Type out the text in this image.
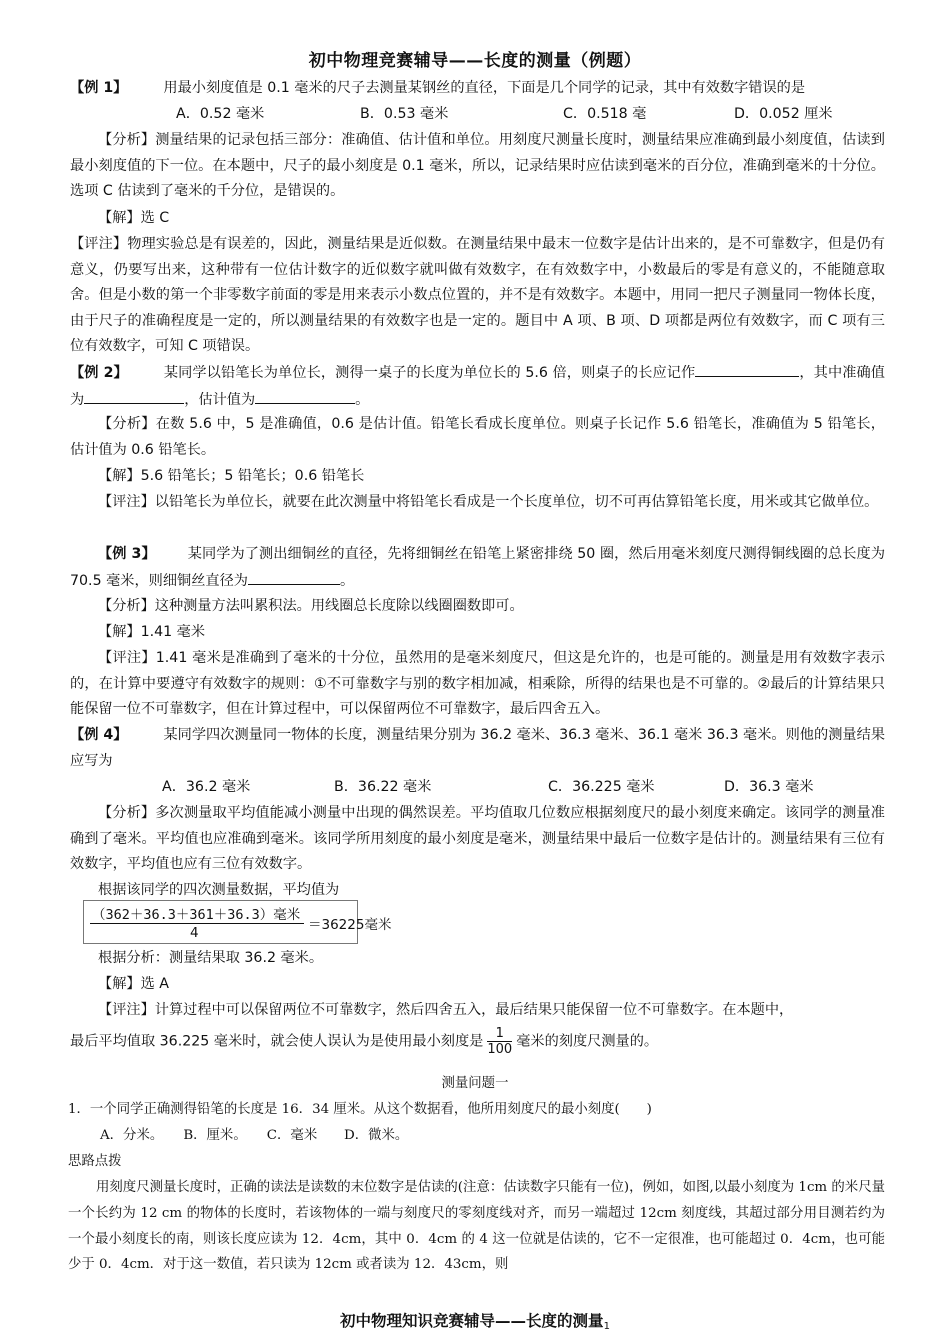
初中物理竞赛辅导——长度的测量（例题）
【例 1】	用最小刻度值是 0.1 毫米的尺子去测量某钢丝的直径，下面是几个同学的记录，其中有效数字错误的是
A．0.52 毫米	B．0.53 毫米	C．0.518 毫	D．0.052 厘米
【分析】测量结果的记录包括三部分：准确值、估计值和单位。用刻度尺测量长度时，测量结果应准确到最小刻度值，估读到最小刻度值的下一位。在本题中，尺子的最小刻度是 0.1 毫米，所以，记录结果时应估读到毫米的百分位，准确到毫米的十分位。选项 C 估读到了毫米的千分位，是错误的。
【解】选 C
【评注】物理实验总是有误差的，因此，测量结果是近似数。在测量结果中最末一位数字是估计出来的，是不可靠数字，但是仍有意义，仍要写出来，这种带有一位估计数字的近似数字就叫做有效数字，在有效数字中，小数最后的零是有意义的，不能随意取舍。但是小数的第一个非零数字前面的零是用来表示小数点位置的，并不是有效数字。本题中，用同一把尺子测量同一物体长度，由于尺子的准确程度是一定的，所以测量结果的有效数字也是一定的。题目中 A 项、B 项、D 项都是两位有效数字，而 C 项有三位有效数字，可知 C 项错误。
【例 2】	某同学以铅笔长为单位长，测得一桌子的长度为单位长的 5.6 倍，则桌子的长应记作	，其中准确值为	，估计值为	。
【分析】在数 5.6 中，5 是准确值，0.6 是估计值。铅笔长看成长度单位。则桌子长记作 5.6 铅笔长，准确值为 5 铅笔长，估计值为 0.6 铅笔长。
【解】5.6 铅笔长；5 铅笔长；0.6 铅笔长
【评注】以铅笔长为单位长，就要在此次测量中将铅笔长看成是一个长度单位，切不可再估算铅笔长度，用米或其它做单位。
【例 3】 某同学为了测出细铜丝的直径，先将细铜丝在铅笔上紧密排绕 50 圈，然后用毫米刻度尺测得铜线圈的总长度为 70.5 毫米，则细铜丝直径为	。
【分析】这种测量方法叫累积法。用线圈总长度除以线圈圈数即可。
【解】1.41 毫米
【评注】1.41 毫米是准确到了毫米的十分位，虽然用的是毫米刻度尺，但这是允许的，也是可能的。测量是用有效数字表示的，在计算中要遵守有效数字的规则：①不可靠数字与别的数字相加减，相乘除，所得的结果也是不可靠的。②最后的计算结果只能保留一位不可靠数字，但在计算过程中，可以保留两位不可靠数字，最后四舍五入。
【例 4】	某同学四次测量同一物体的长度，测量结果分别为 36.2 毫米、36.3 毫米、36.1 毫米 36.3 毫米。则他的测量结果应写为
A．36.2 毫米	B．36.22 毫米	C．36.225 毫米	D．36.3 毫米
【分析】多次测量取平均值能减小测量中出现的偶然误差。平均值取几位数应根据刻度尺的最小刻度来确定。该同学的测量准确到了毫米。平均值也应准确到毫米。该同学所用刻度的最小刻度是毫米，测量结果中最后一位数字是估计的。测量结果有三位有效数字，平均值也应有三位有效数字。
根据该同学的四次测量数据，平均值为
（362＋36.3＋361＋36.3）毫米
4	＝36225毫米
根据分析：测量结果取 36.2 毫米。
【解】选 A
【评注】计算过程中可以保留两位不可靠数字，然后四舍五入，最后结果只能保留一位不可靠数字。在本题中，
最后平均值取 36.225 毫米时，就会使人误认为是使用最小刻度是 $\frac{1}{100}$ 毫米的刻度尺测量的。
测量问题一
1．一个同学正确测得铅笔的长度是 16．34 厘米。从这个数据看，他所用刻度尺的最小刻度(　　)
A．分米。　　B．厘米。　　C．毫米　　D．微米。
思路点拨
用刻度尺测量长度时，正确的读法是读数的末位数字是估读的(注意：估读数字只能有一位)，例如，如图,以最小刻度为 1cm 的米尺量一个长约为 12 cm 的物体的长度时，若该物体的一端与刻度尺的零刻度线对齐，而另一端超过 12cm 刻度线，其超过部分用目测若约为一个最小刻度长的南，则该长度应读为 12．4cm，其中 0．4cm 的 4 这一位就是估读的，它不一定很准，也可能超过 0．4cm，也可能少于 0．4cm．对于这一数值，若只读为 12cm 或者读为 12．43cm，则
初中物理知识竞赛辅导——长度的测量$_1$
